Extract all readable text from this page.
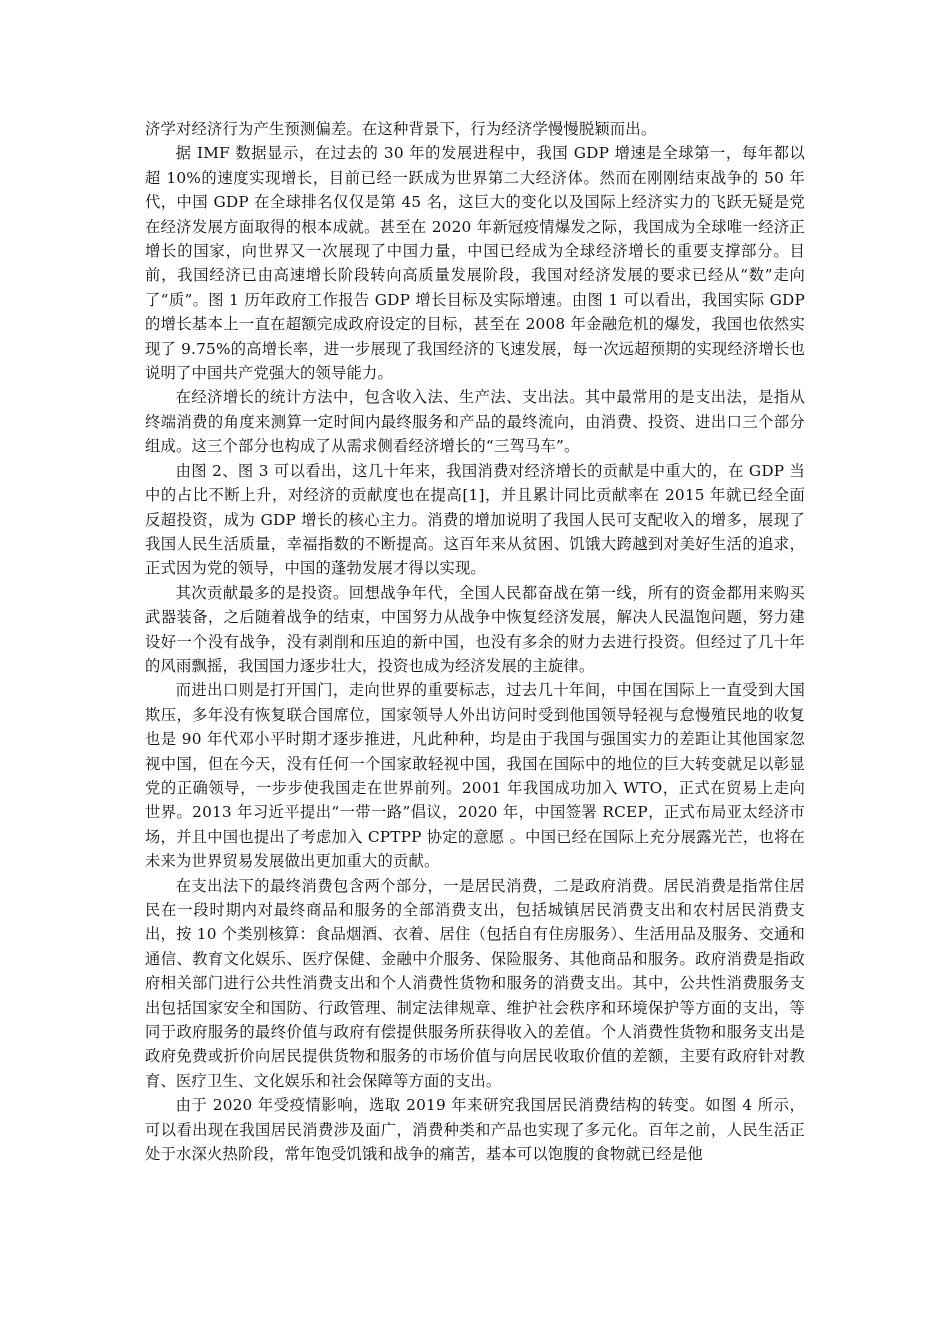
济学对经济行为产生预测偏差。在这种背景下，行为经济学慢慢脱颖而出。

据 IMF 数据显示，在过去的 30 年的发展进程中，我国 GDP 增速是全球第一，每年都以超 10%的速度实现增长，目前已经一跃成为世界第二大经济体。然而在刚刚结束战争的 50 年代，中国 GDP 在全球排名仅仅是第 45 名，这巨大的变化以及国际上经济实力的飞跃无疑是党在经济发展方面取得的根本成就。甚至在 2020 年新冠疫情爆发之际，我国成为全球唯一经济正增长的国家，向世界又一次展现了中国力量，中国已经成为全球经济增长的重要支撑部分。目前，我国经济已由高速增长阶段转向高质量发展阶段，我国对经济发展的要求已经从“数”走向了“质”。图 1 历年政府工作报告 GDP 增长目标及实际增速。由图 1 可以看出，我国实际 GDP 的增长基本上一直在超额完成政府设定的目标，甚至在 2008 年金融危机的爆发，我国也依然实现了 9.75%的高增长率，进一步展现了我国经济的飞速发展，每一次远超预期的实现经济增长也说明了中国共产党强大的领导能力。

在经济增长的统计方法中，包含收入法、生产法、支出法。其中最常用的是支出法，是指从终端消费的角度来测算一定时间内最终服务和产品的最终流向，由消费、投资、进出口三个部分组成。这三个部分也构成了从需求侧看经济增长的“三驾马车”。

由图 2、图 3 可以看出，这几十年来，我国消费对经济增长的贡献是中重大的，在 GDP 当中的占比不断上升，对经济的贡献度也在提高[1]，并且累计同比贡献率在 2015 年就已经全面反超投资，成为 GDP 增长的核心主力。消费的增加说明了我国人民可支配收入的增多，展现了我国人民生活质量，幸福指数的不断提高。这百年来从贫困、饥饿大跨越到对美好生活的追求，正式因为党的领导，中国的蓬勃发展才得以实现。

其次贡献最多的是投资。回想战争年代，全国人民都奋战在第一线，所有的资金都用来购买武器装备，之后随着战争的结束，中国努力从战争中恢复经济发展，解决人民温饱问题，努力建设好一个没有战争，没有剥削和压迫的新中国，也没有多余的财力去进行投资。但经过了几十年的风雨飘摇，我国国力逐步壮大，投资也成为经济发展的主旋律。

而进出口则是打开国门，走向世界的重要标志，过去几十年间，中国在国际上一直受到大国欺压，多年没有恢复联合国席位，国家领导人外出访问时受到他国领导轻视与怠慢殖民地的收复也是 90 年代邓小平时期才逐步推进，凡此种种，均是由于我国与强国实力的差距让其他国家忽视中国，但在今天，没有任何一个国家敢轻视中国，我国在国际中的地位的巨大转变就足以彰显党的正确领导，一步步使我国走在世界前列。2001 年我国成功加入 WTO，正式在贸易上走向世界。2013 年习近平提出“一带一路”倡议，2020 年，中国签署 RCEP，正式布局亚太经济市场，并且中国也提出了考虑加入 CPTPP 协定的意愿 。中国已经在国际上充分展露光芒，也将在未来为世界贸易发展做出更加重大的贡献。

在支出法下的最终消费包含两个部分，一是居民消费，二是政府消费。居民消费是指常住居民在一段时期内对最终商品和服务的全部消费支出，包括城镇居民消费支出和农村居民消费支出，按 10 个类别核算：食品烟酒、衣着、居住（包括自有住房服务）、生活用品及服务、交通和通信、教育文化娱乐、医疗保健、金融中介服务、保险服务、其他商品和服务。政府消费是指政府相关部门进行公共性消费支出和个人消费性货物和服务的消费支出。其中，公共性消费服务支出包括国家安全和国防、行政管理、制定法律规章、维护社会秩序和环境保护等方面的支出，等同于政府服务的最终价值与政府有偿提供服务所获得收入的差值。个人消费性货物和服务支出是政府免费或折价向居民提供货物和服务的市场价值与向居民收取价值的差额，主要有政府针对教育、医疗卫生、文化娱乐和社会保障等方面的支出。

由于 2020 年受疫情影响，选取 2019 年来研究我国居民消费结构的转变。如图 4 所示，可以看出现在我国居民消费涉及面广，消费种类和产品也实现了多元化。百年之前，人民生活正处于水深火热阶段，常年饱受饥饿和战争的痛苦，基本可以饱腹的食物就已经是他
